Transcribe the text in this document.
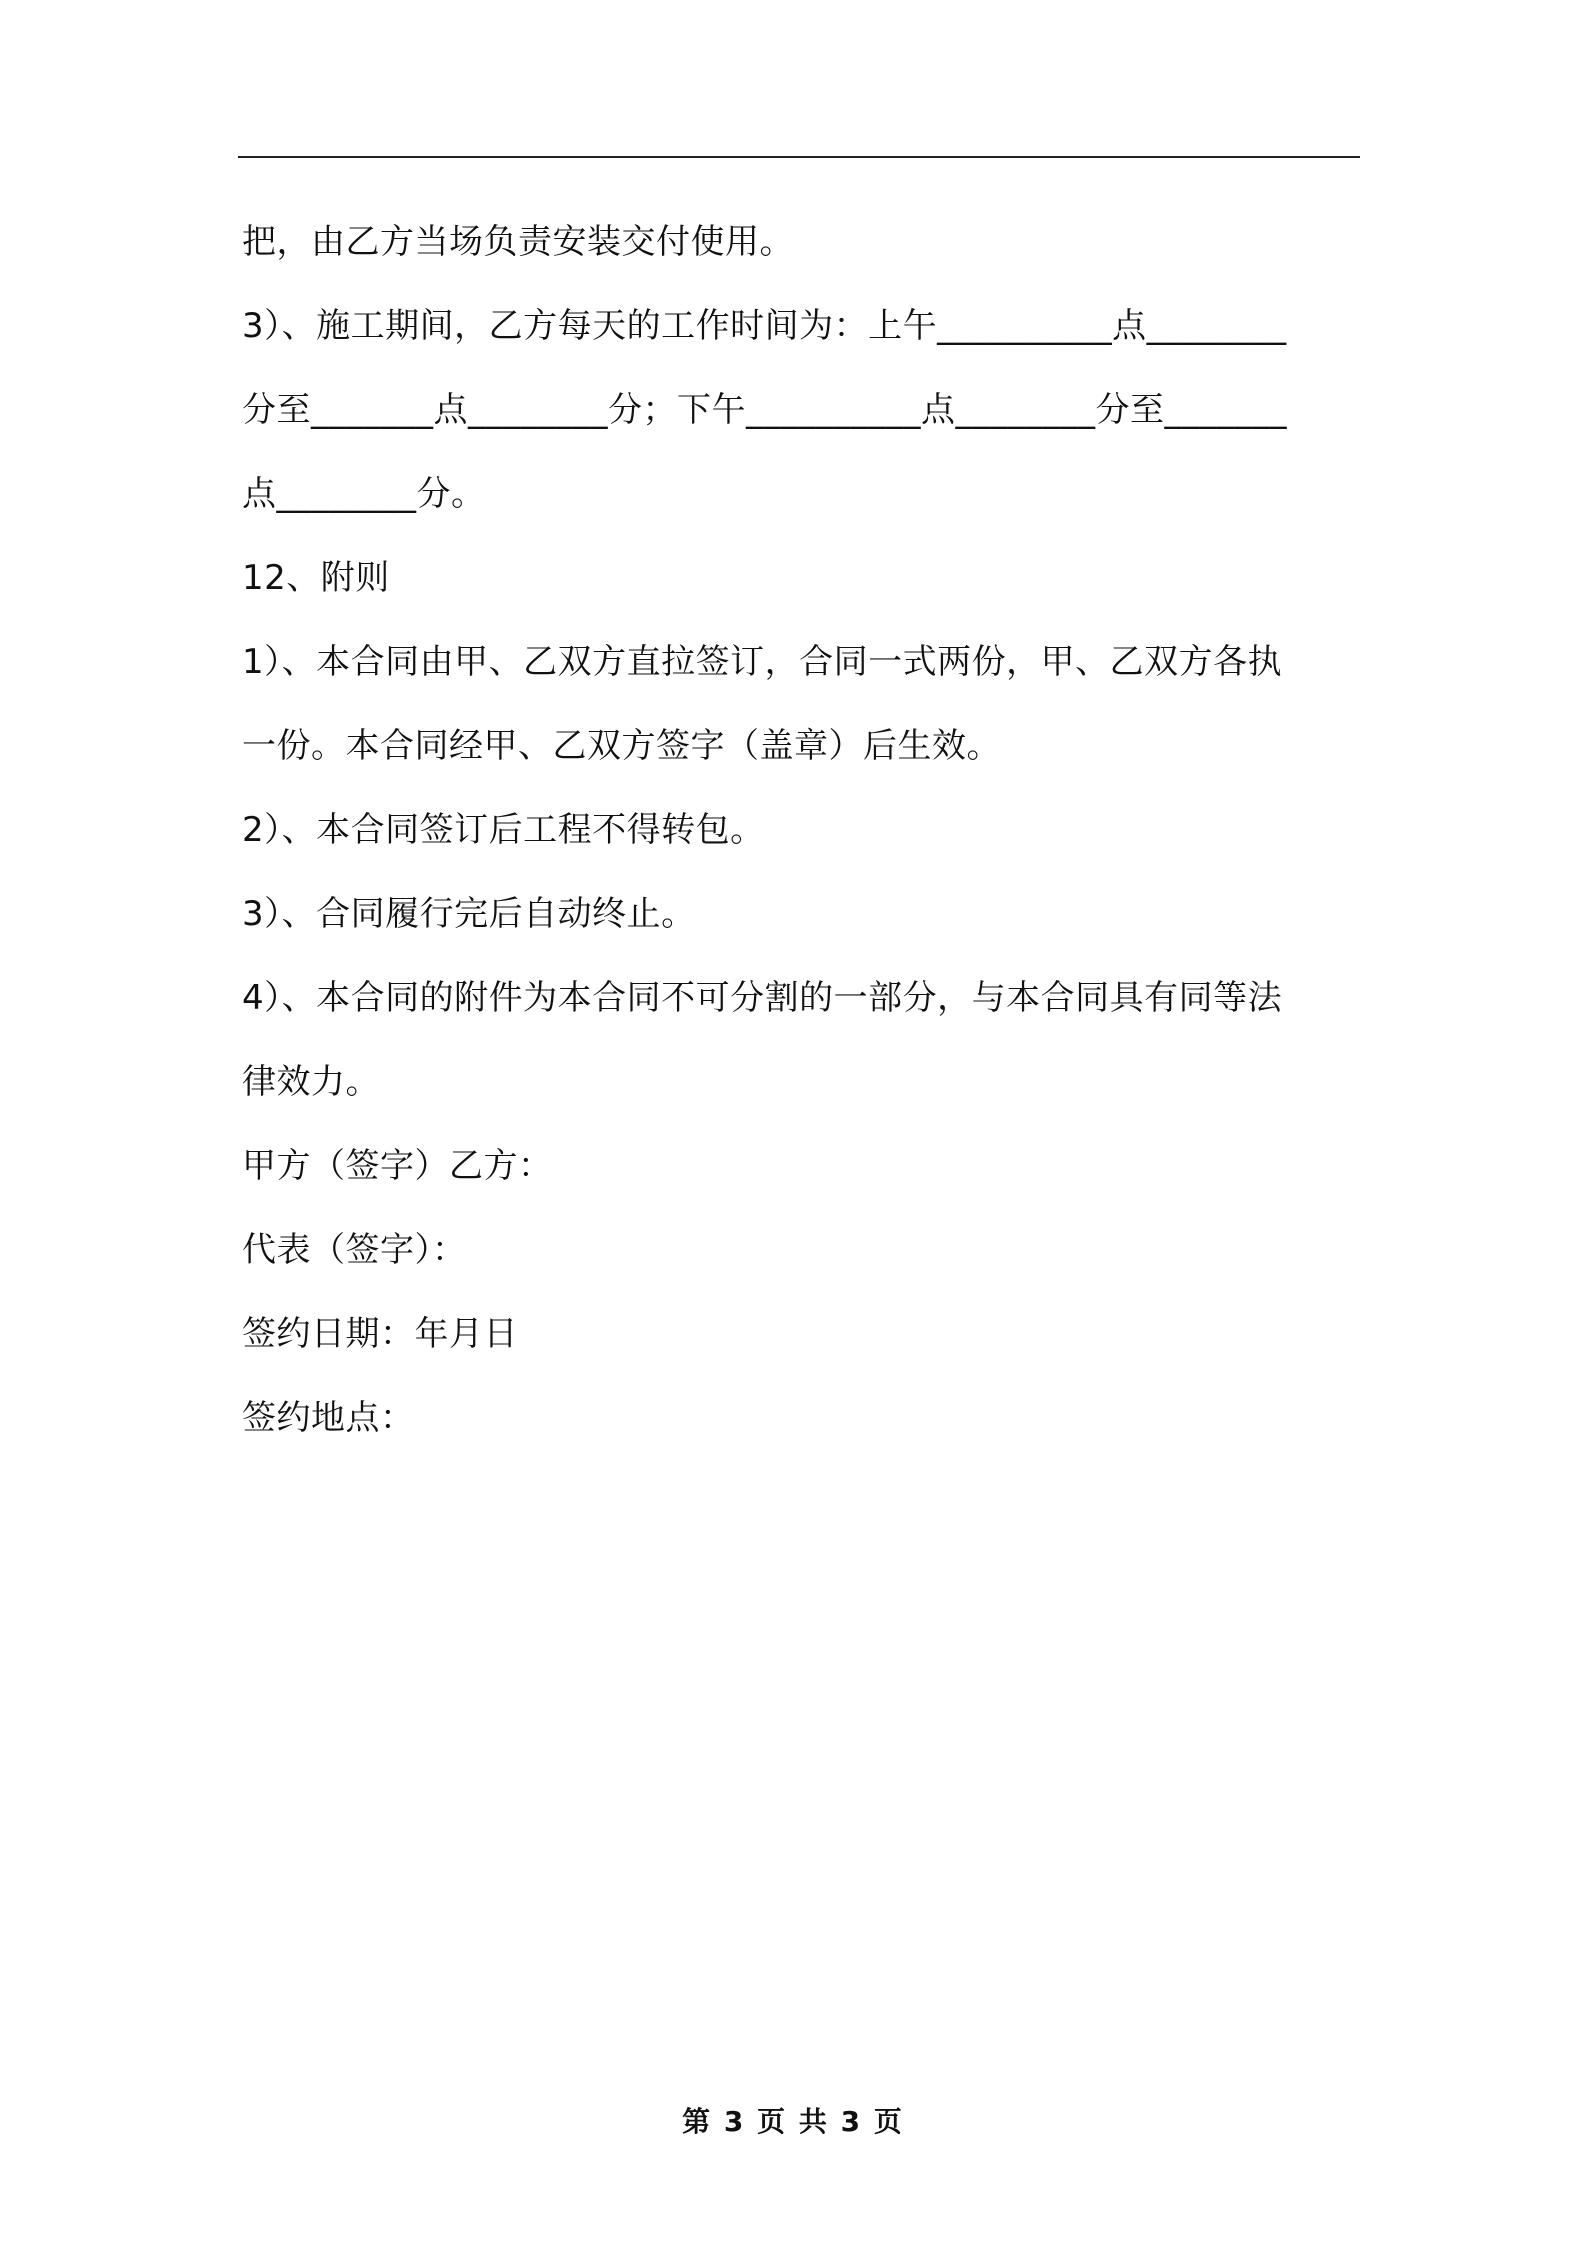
把，由乙方当场负责安装交付使用。
3）、施工期间，乙方每天的工作时间为：上午__________点________
分至_______点________分；下午__________点________分至_______
点________分。
12、附则
1）、本合同由甲、乙双方直拉签订，合同一式两份，甲、乙双方各执
一份。本合同经甲、乙双方签字（盖章）后生效。
2）、本合同签订后工程不得转包。
3）、合同履行完后自动终止。
4）、本合同的附件为本合同不可分割的一部分，与本合同具有同等法
律效力。
甲方（签字）乙方：
代表（签字）：
签约日期：年月日
签约地点：
第 3 页 共 3 页
